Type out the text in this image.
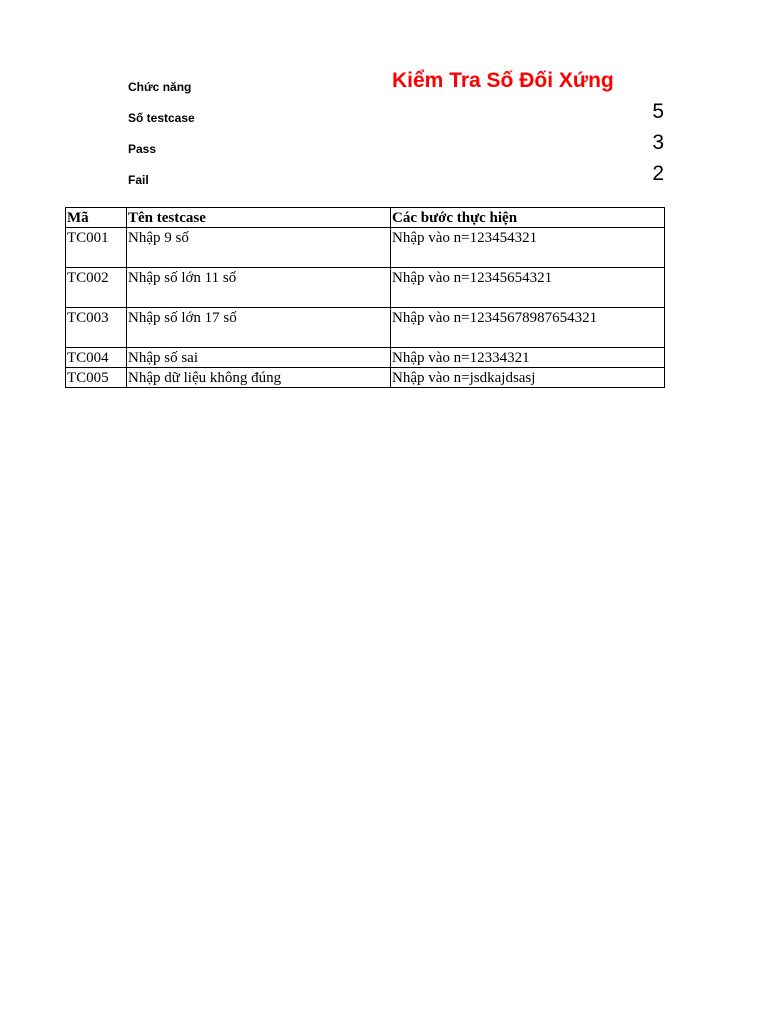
Chức năng	Kiểm Tra Số Đối Xứng
Số testcase	5
Pass	3
Fail	2
Mã	Tên testcase	Các bước thực hiện
TC001	Nhập 9 số	Nhập vào n=123454321
TC002	Nhập số lớn 11 số	Nhập vào n=12345654321
TC003	Nhập số lớn 17 số	Nhập vào n=12345678987654321
TC004	Nhập số sai	Nhập vào n=12334321
TC005	Nhập dữ liệu không đúng	Nhập vào n=jsdkajdsasj
